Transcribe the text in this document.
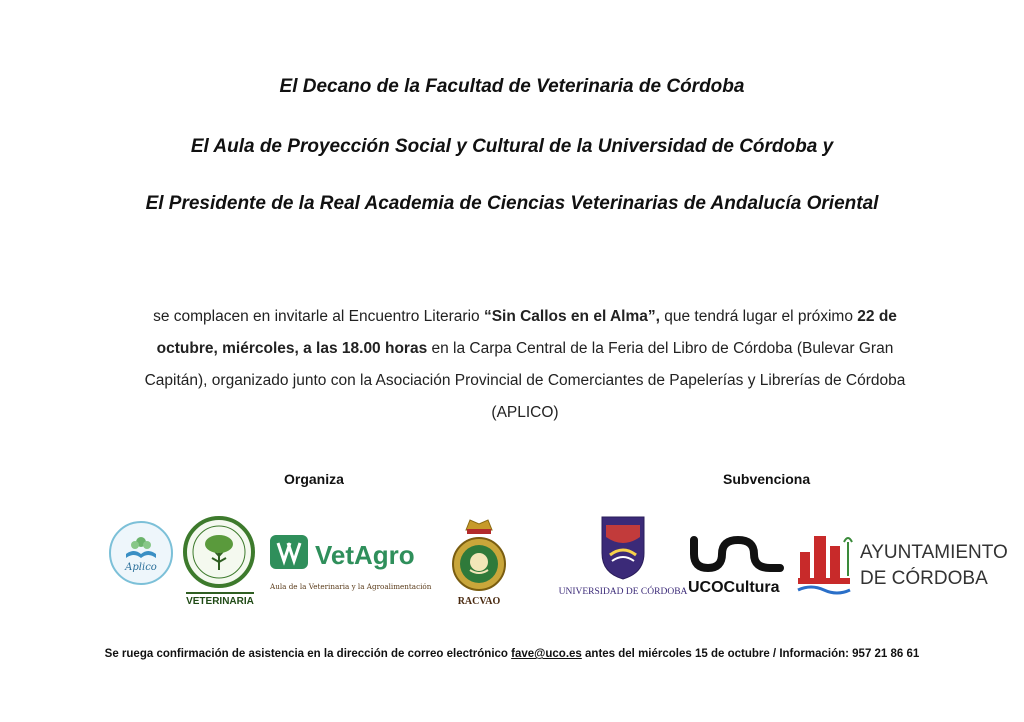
El Decano de la Facultad de Veterinaria de Córdoba
El Aula de Proyección Social y Cultural de la Universidad de Córdoba y
El Presidente de la Real Academia de Ciencias Veterinarias de Andalucía Oriental
se complacen en invitarle al Encuentro Literario “Sin Callos en el Alma”, que tendrá lugar el próximo 22 de octubre, miércoles, a las 18.00 horas en la Carpa Central de la Feria del Libro de Córdoba (Bulevar Gran Capitán), organizado junto con la Asociación Provincial de Comerciantes de Papelerías y Librerías de Córdoba (APLICO)
Organiza	Subvenciona
Aplico
VETERINARIA
VetAgro
Aula de la Veterinaria y la Agroalimentación
RACVAO
UNIVERSIDAD DE CÓRDOBA UCOCultura
AYUNTAMIENTO
DE CÓRDOBA
Se ruega confirmación de asistencia en la dirección de correo electrónico fave@uco.es antes del miércoles 15 de octubre / Información: 957 21 86 61
